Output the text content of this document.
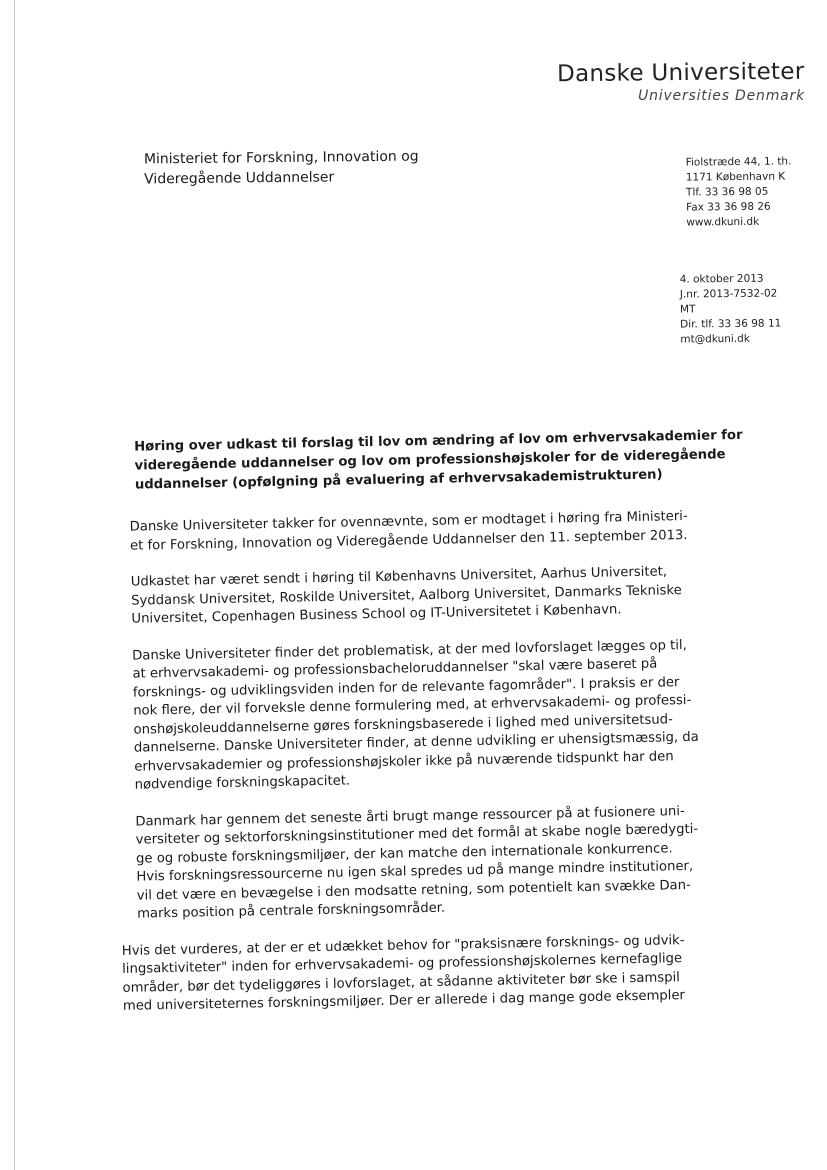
Danske Universiteter
Universities Denmark
Ministeriet for Forskning, Innovation og
Videregående Uddannelser
Fiolstræde 44, 1. th.
1171 København K
Tlf. 33 36 98 05
Fax 33 36 98 26
www.dkuni.dk
4. oktober 2013
J.nr. 2013-7532-02
MT
Dir. tlf. 33 36 98 11
mt@dkuni.dk
Høring over udkast til forslag til lov om ændring af lov om erhvervsakademier for
videregående uddannelser og lov om professionshøjskoler for de videregående
uddannelser (opfølgning på evaluering af erhvervsakademistrukturen)
Danske Universiteter takker for ovennævnte, som er modtaget i høring fra Ministeri-
et for Forskning, Innovation og Videregående Uddannelser den 11. september 2013.
Udkastet har været sendt i høring til Københavns Universitet, Aarhus Universitet,
Syddansk Universitet, Roskilde Universitet, Aalborg Universitet, Danmarks Tekniske
Universitet, Copenhagen Business School og IT-Universitetet i København.
Danske Universiteter finder det problematisk, at der med lovforslaget lægges op til,
at erhvervsakademi- og professionsbacheloruddannelser "skal være baseret på
forsknings- og udviklingsviden inden for de relevante fagområder". I praksis er der
nok flere, der vil forveksle denne formulering med, at erhvervsakademi- og professi-
onshøjskoleuddannelserne gøres forskningsbaserede i lighed med universitetsud-
dannelserne. Danske Universiteter finder, at denne udvikling er uhensigtsmæssig, da
erhvervsakademier og professionshøjskoler ikke på nuværende tidspunkt har den
nødvendige forskningskapacitet.
Danmark har gennem det seneste årti brugt mange ressourcer på at fusionere uni-
versiteter og sektorforskningsinstitutioner med det formål at skabe nogle bæredygti-
ge og robuste forskningsmiljøer, der kan matche den internationale konkurrence.
Hvis forskningsressourcerne nu igen skal spredes ud på mange mindre institutioner,
vil det være en bevægelse i den modsatte retning, som potentielt kan svække Dan-
marks position på centrale forskningsområder.
Hvis det vurderes, at der er et udækket behov for "praksisnære forsknings- og udvik-
lingsaktiviteter" inden for erhvervsakademi- og professionshøjskolernes kernefaglige
områder, bør det tydeliggøres i lovforslaget, at sådanne aktiviteter bør ske i samspil
med universiteternes forskningsmiljøer. Der er allerede i dag mange gode eksempler
